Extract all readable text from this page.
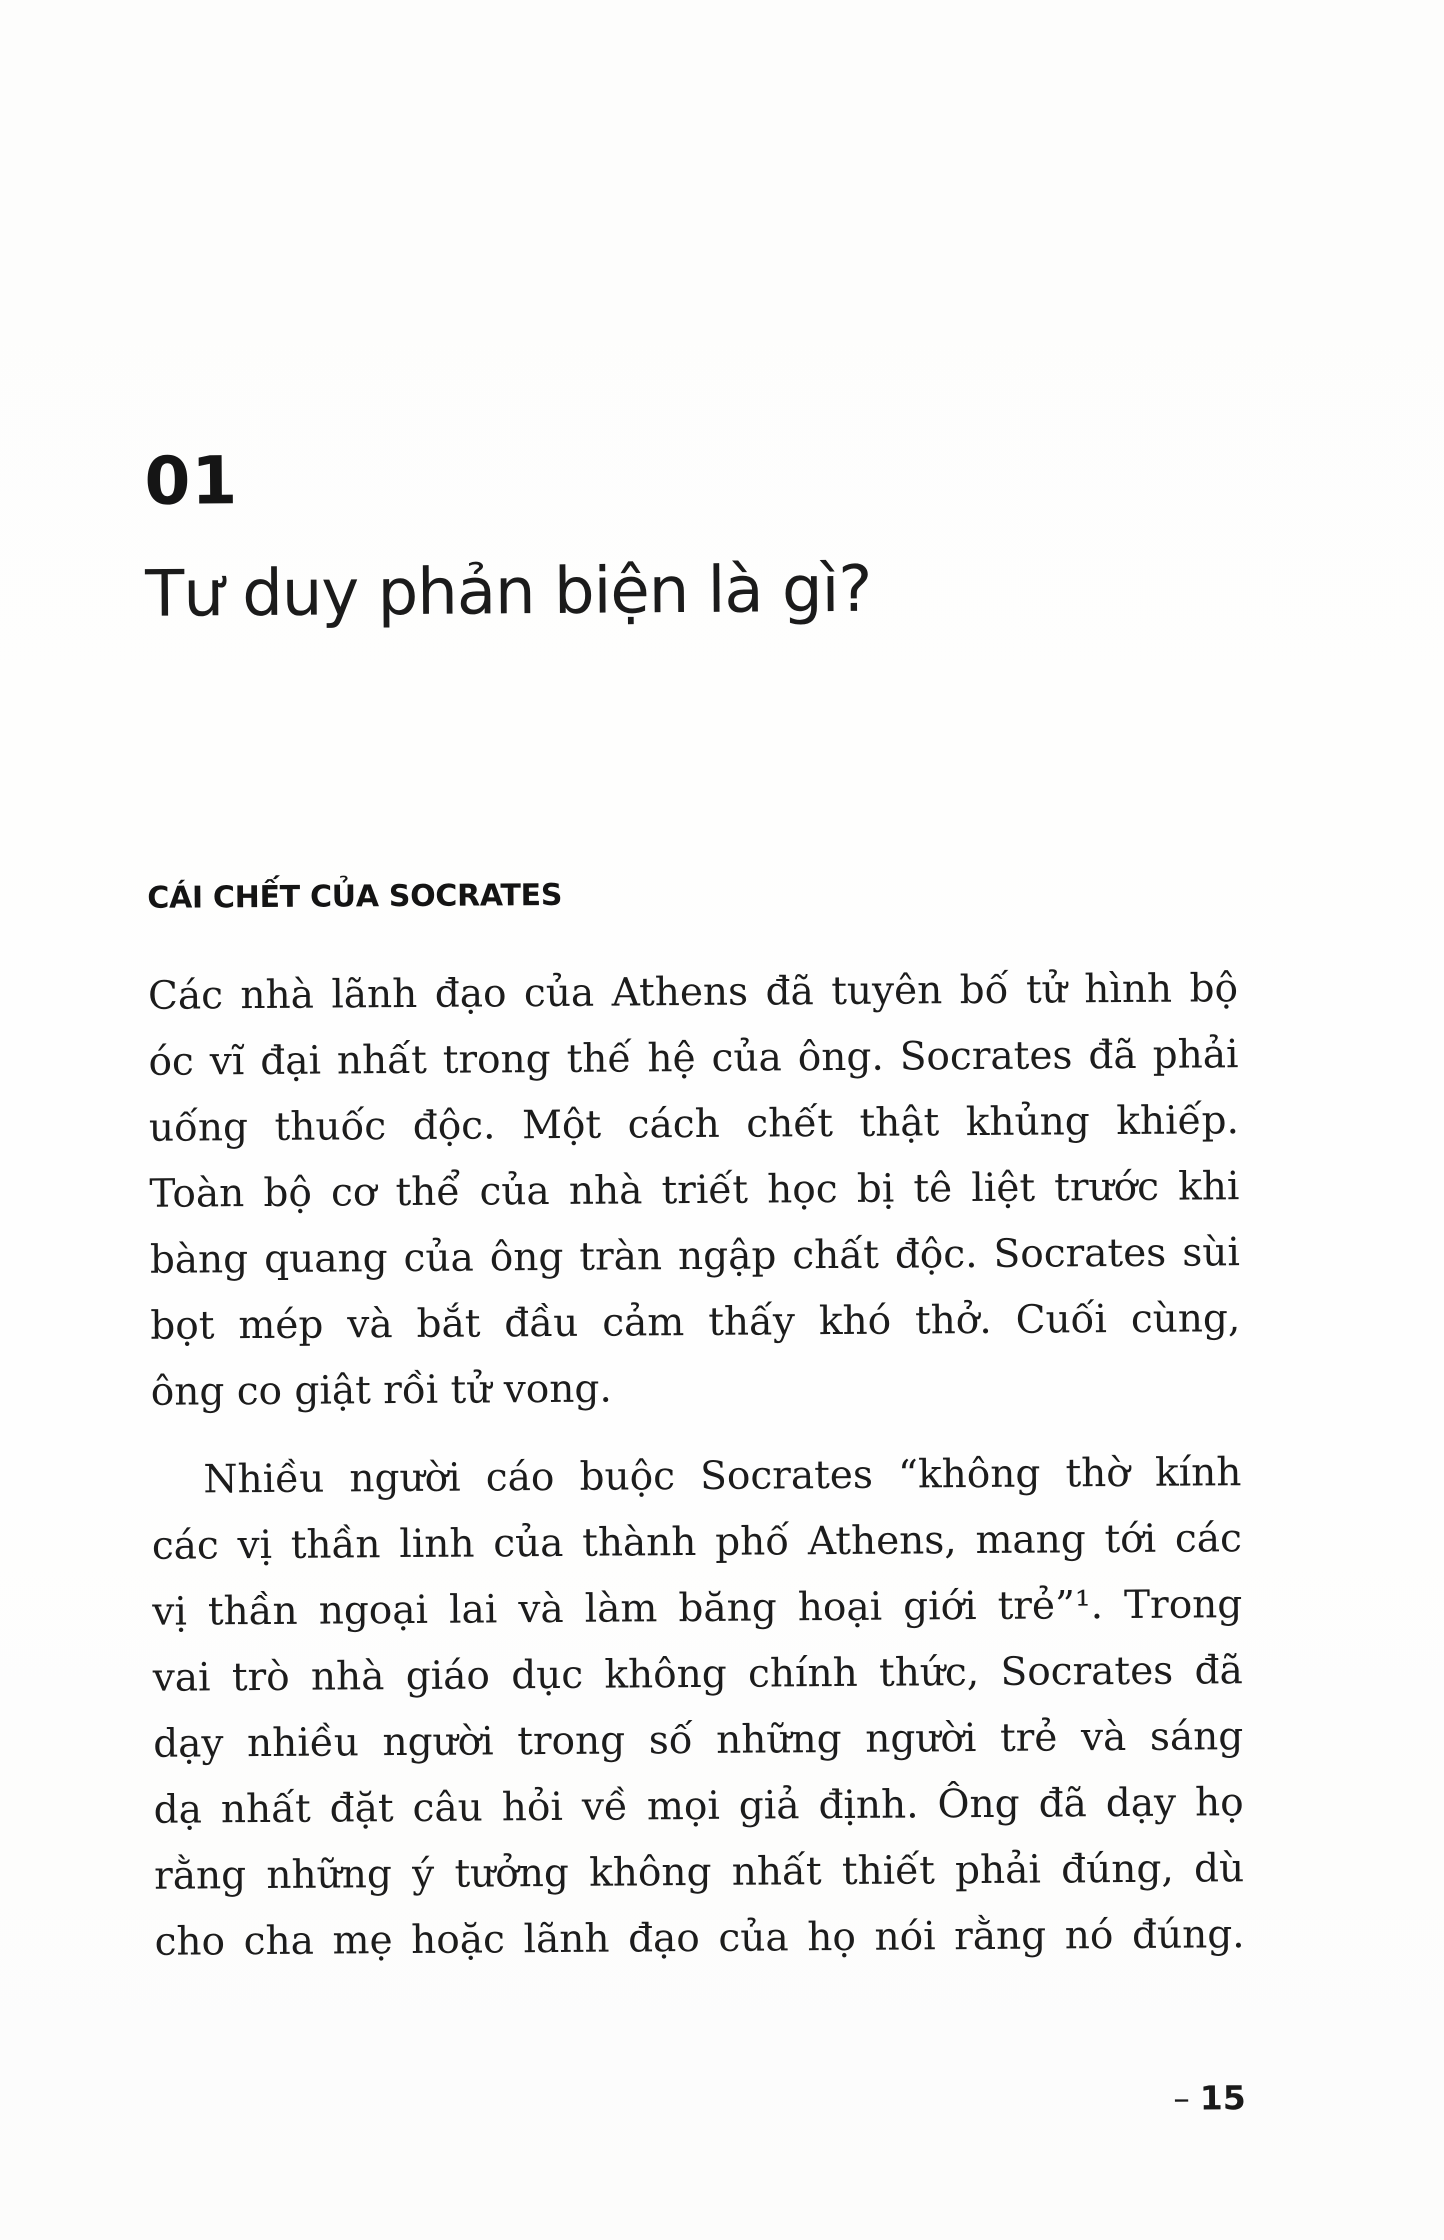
01
Tư duy phản biện là gì?
CÁI CHẾT CỦA SOCRATES
Các nhà lãnh đạo của Athens đã tuyên bố tử hình bộ
óc vĩ đại nhất trong thế hệ của ông. Socrates đã phải
uống thuốc độc. Một cách chết thật khủng khiếp.
Toàn bộ cơ thể của nhà triết học bị tê liệt trước khi
bàng quang của ông tràn ngập chất độc. Socrates sùi
bọt mép và bắt đầu cảm thấy khó thở. Cuối cùng,
ông co giật rồi tử vong.
Nhiều người cáo buộc Socrates “không thờ kính
các vị thần linh của thành phố Athens, mang tới các
vị thần ngoại lai và làm băng hoại giới trẻ”¹. Trong
vai trò nhà giáo dục không chính thức, Socrates đã
dạy nhiều người trong số những người trẻ và sáng
dạ nhất đặt câu hỏi về mọi giả định. Ông đã dạy họ
rằng những ý tưởng không nhất thiết phải đúng, dù
cho cha mẹ hoặc lãnh đạo của họ nói rằng nó đúng.
– 15
